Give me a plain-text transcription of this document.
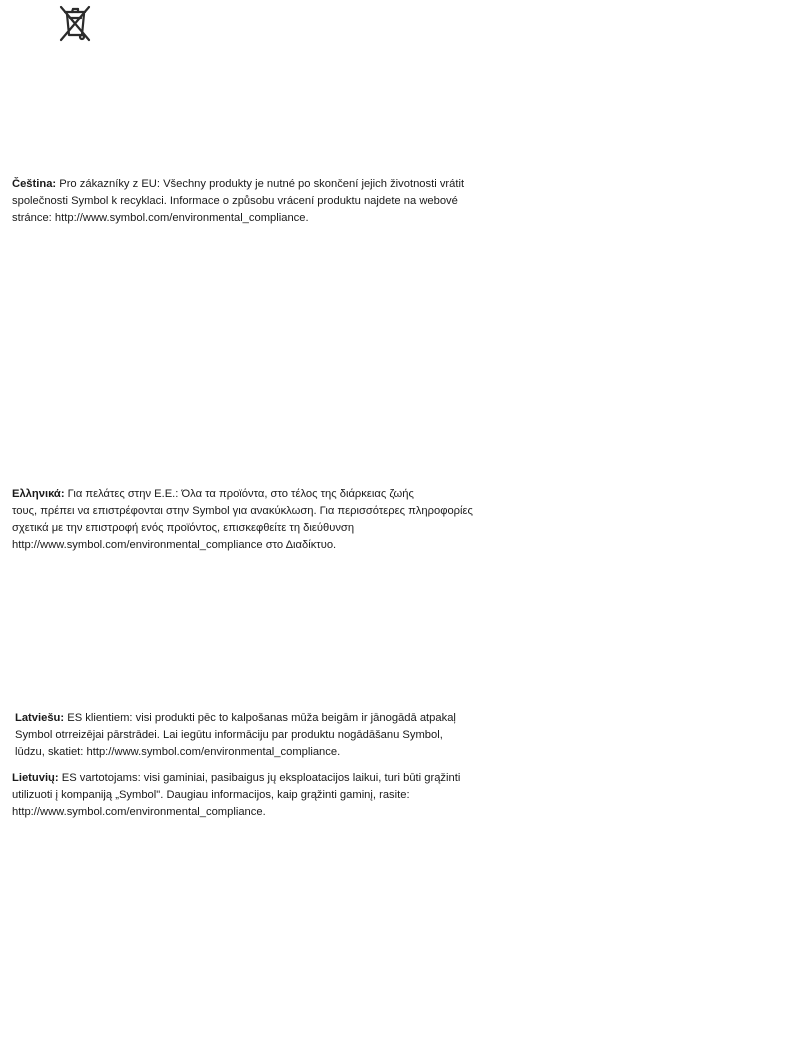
Čeština: Pro zákazníky z EU: Všechny produkty je nutné po skončení jejich životnosti vrátit
společnosti Symbol k recyklaci. Informace o způsobu vrácení produktu najdete na webové
stránce: http://www.symbol.com/environmental_compliance.
Ελληνικά: Για πελάτες στην Ε.Ε.: Όλα τα προϊόντα, στο τέλος της διάρκειας ζωής
τους, πρέπει να επιστρέφονται στην Symbol για ανακύκλωση. Για περισσότερες πληροφορίες
σχετικά με την επιστροφή ενός προϊόντος, επισκεφθείτε τη διεύθυνση
http://www.symbol.com/environmental_compliance στο Διαδίκτυο.
Latviešu: ES klientiem: visi produkti pēc to kalpošanas mūža beigām ir jānogādā atpakaļ
Symbol otrreizējai pārstrādei. Lai iegūtu informāciju par produktu nogādāšanu Symbol,
lūdzu, skatiet: http://www.symbol.com/environmental_compliance.
Lietuvių: ES vartotojams: visi gaminiai, pasibaigus jų eksploatacijos laikui, turi būti grąžinti
utilizuoti į kompaniją „Symbol". Daugiau informacijos, kaip grąžinti gaminį, rasite:
http://www.symbol.com/environmental_compliance.
